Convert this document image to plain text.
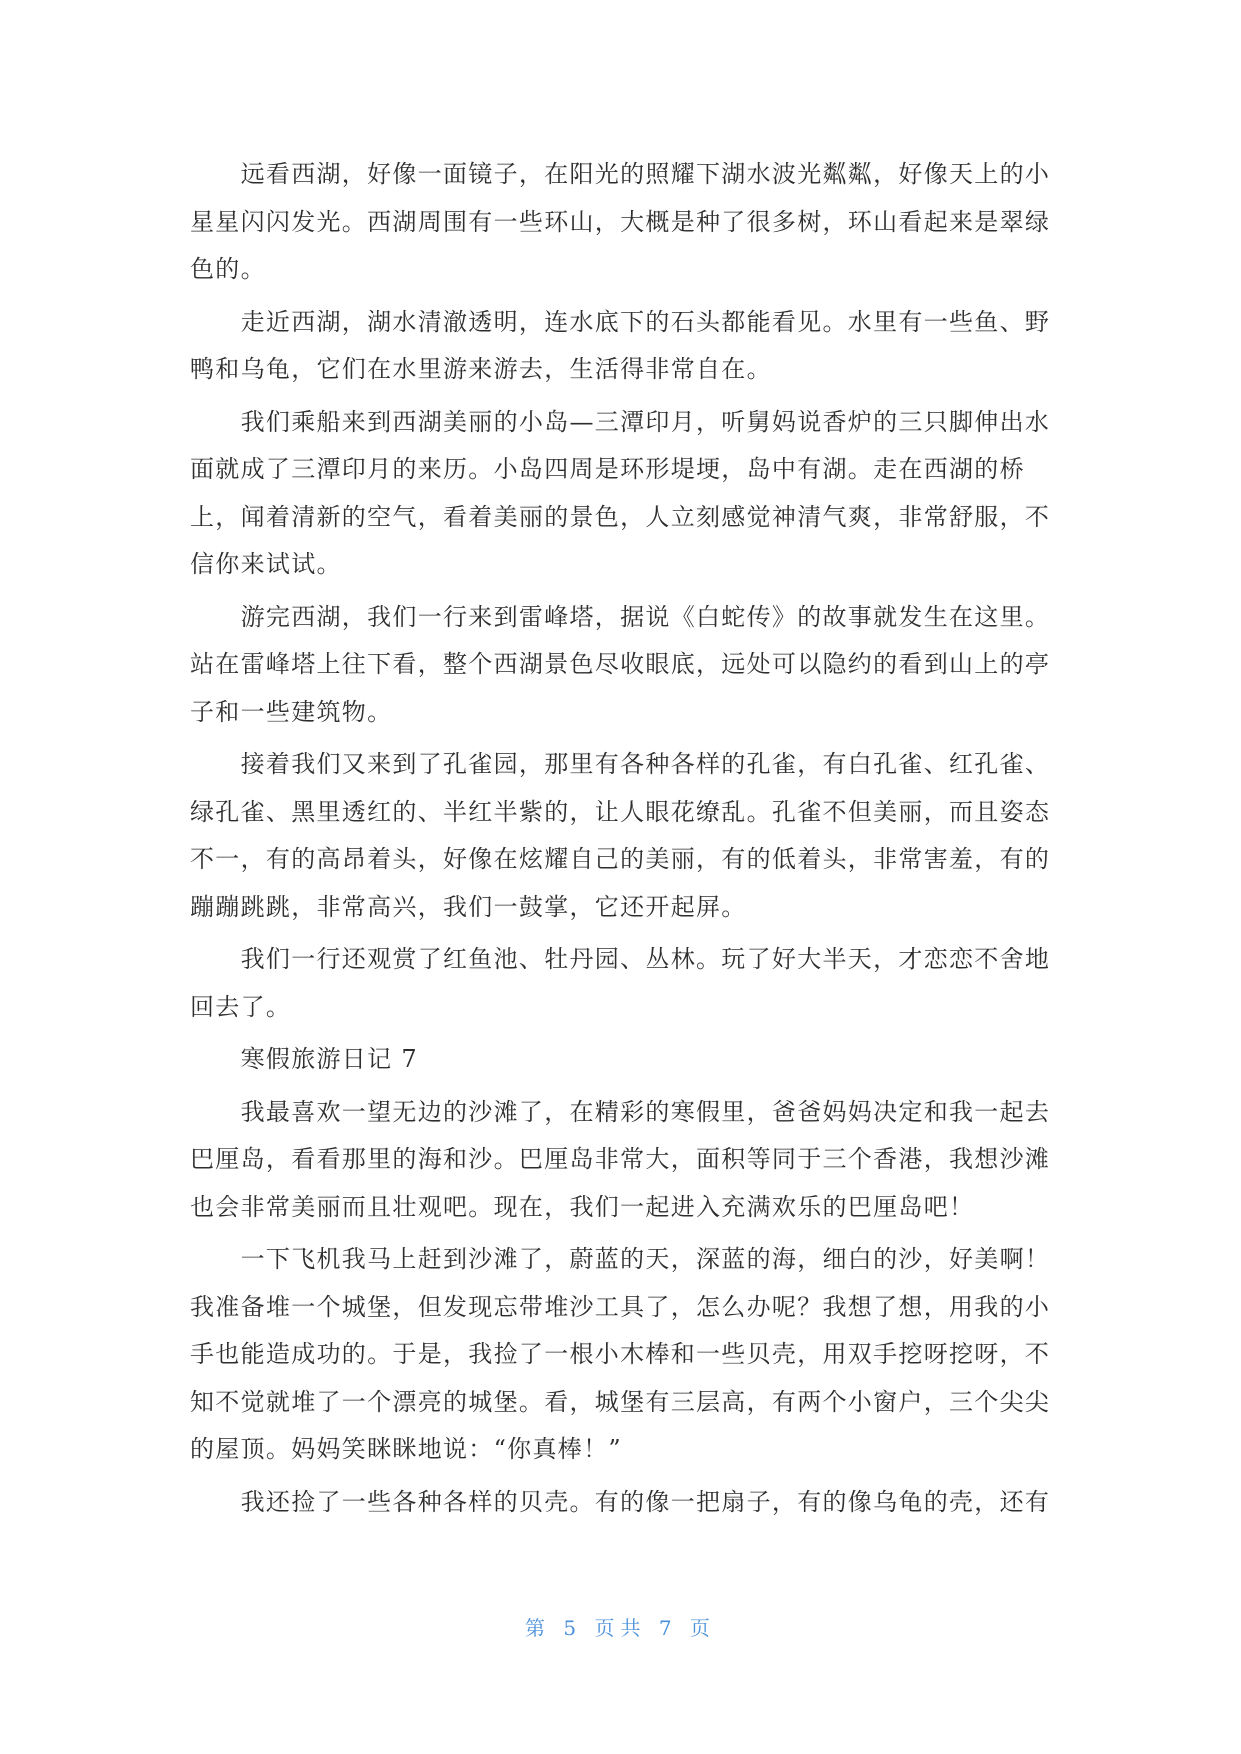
远看西湖，好像一面镜子，在阳光的照耀下湖水波光粼粼，好像天上的小
星星闪闪发光。西湖周围有一些环山，大概是种了很多树，环山看起来是翠绿
色的。
走近西湖，湖水清澈透明，连水底下的石头都能看见。水里有一些鱼、野
鸭和乌龟，它们在水里游来游去，生活得非常自在。
我们乘船来到西湖美丽的小岛—三潭印月，听舅妈说香炉的三只脚伸出水
面就成了三潭印月的来历。小岛四周是环形堤埂，岛中有湖。走在西湖的桥
上，闻着清新的空气，看着美丽的景色，人立刻感觉神清气爽，非常舒服，不
信你来试试。
游完西湖，我们一行来到雷峰塔，据说《白蛇传》的故事就发生在这里。
站在雷峰塔上往下看，整个西湖景色尽收眼底，远处可以隐约的看到山上的亭
子和一些建筑物。
接着我们又来到了孔雀园，那里有各种各样的孔雀，有白孔雀、红孔雀、
绿孔雀、黑里透红的、半红半紫的，让人眼花缭乱。孔雀不但美丽，而且姿态
不一，有的高昂着头，好像在炫耀自己的美丽，有的低着头，非常害羞，有的
蹦蹦跳跳，非常高兴，我们一鼓掌，它还开起屏。
我们一行还观赏了红鱼池、牡丹园、丛林。玩了好大半天，才恋恋不舍地
回去了。
寒假旅游日记 7
我最喜欢一望无边的沙滩了，在精彩的寒假里，爸爸妈妈决定和我一起去
巴厘岛，看看那里的海和沙。巴厘岛非常大，面积等同于三个香港，我想沙滩
也会非常美丽而且壮观吧。现在，我们一起进入充满欢乐的巴厘岛吧！
一下飞机我马上赶到沙滩了，蔚蓝的天，深蓝的海，细白的沙，好美啊！
我准备堆一个城堡，但发现忘带堆沙工具了，怎么办呢？我想了想，用我的小
手也能造成功的。于是，我捡了一根小木棒和一些贝壳，用双手挖呀挖呀，不
知不觉就堆了一个漂亮的城堡。看，城堡有三层高，有两个小窗户，三个尖尖
的屋顶。妈妈笑眯眯地说：“你真棒！”
我还捡了一些各种各样的贝壳。有的像一把扇子，有的像乌龟的壳，还有
第 5 页共 7 页
